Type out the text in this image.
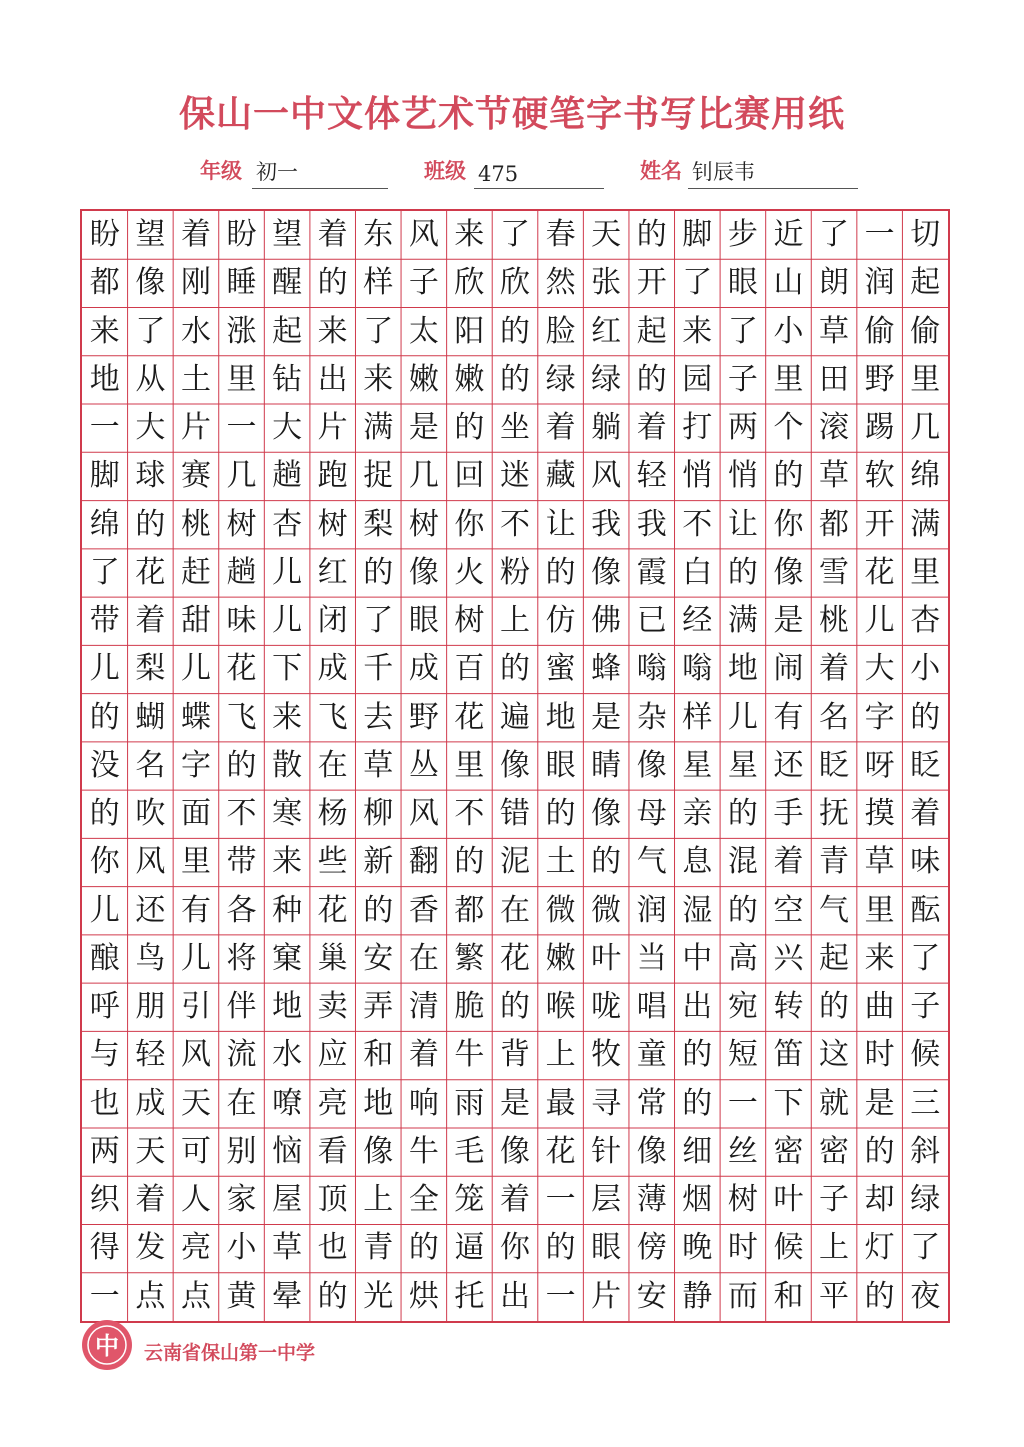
保山一中文体艺术节硬笔字书写比赛用纸
年级 初一	班级 475	姓名 钊辰韦
盼 望 着 盼 望 着 东 风 来 了 春 天 的 脚 步 近 了 一 切
都 像 刚 睡 醒 的 样 子 欣 欣 然 张 开 了 眼 山 朗 润 起
来 了 水 涨 起 来 了 太 阳 的 脸 红 起 来 了 小 草 偷 偷
地 从 土 里 钻 出 来 嫩 嫩 的 绿 绿 的 园 子 里 田 野 里
一 大 片 一 大 片 满 是 的 坐 着 躺 着 打 两 个 滚 踢 几
脚 球 赛 几 趟 跑 捉 几 回 迷 藏 风 轻 悄 悄 的 草 软 绵
绵 的 桃 树 杏 树 梨 树 你 不 让 我 我 不 让 你 都 开 满
了 花 赶 趟 儿 红 的 像 火 粉 的 像 霞 白 的 像 雪 花 里
带 着 甜 味 儿 闭 了 眼 树 上 仿 佛 已 经 满 是 桃 儿 杏
儿 梨 儿 花 下 成 千 成 百 的 蜜 蜂 嗡 嗡 地 闹 着 大 小
的 蝴 蝶 飞 来 飞 去 野 花 遍 地 是 杂 样 儿 有 名 字 的
没 名 字 的 散 在 草 丛 里 像 眼 睛 像 星 星 还 眨 呀 眨
的 吹 面 不 寒 杨 柳 风 不 错 的 像 母 亲 的 手 抚 摸 着
你 风 里 带 来 些 新 翻 的 泥 土 的 气 息 混 着 青 草 味
儿 还 有 各 种 花 的 香 都 在 微 微 润 湿 的 空 气 里 酝
酿 鸟 儿 将 窠 巢 安 在 繁 花 嫩 叶 当 中 高 兴 起 来 了
呼 朋 引 伴 地 卖 弄 清 脆 的 喉 咙 唱 出 宛 转 的 曲 子
与 轻 风 流 水 应 和 着 牛 背 上 牧 童 的 短 笛 这 时 候
也 成 天 在 嘹 亮 地 响 雨 是 最 寻 常 的 一 下 就 是 三
两 天 可 别 恼 看 像 牛 毛 像 花 针 像 细 丝 密 密 的 斜
织 着 人 家 屋 顶 上 全 笼 着 一 层 薄 烟 树 叶 子 却 绿
得 发 亮 小 草 也 青 的 逼 你 的 眼 傍 晚 时 候 上 灯 了
一 点 点 黄 晕 的 光 烘 托 出 一 片 安 静 而 和 平 的 夜
中 云南省保山第一中学
